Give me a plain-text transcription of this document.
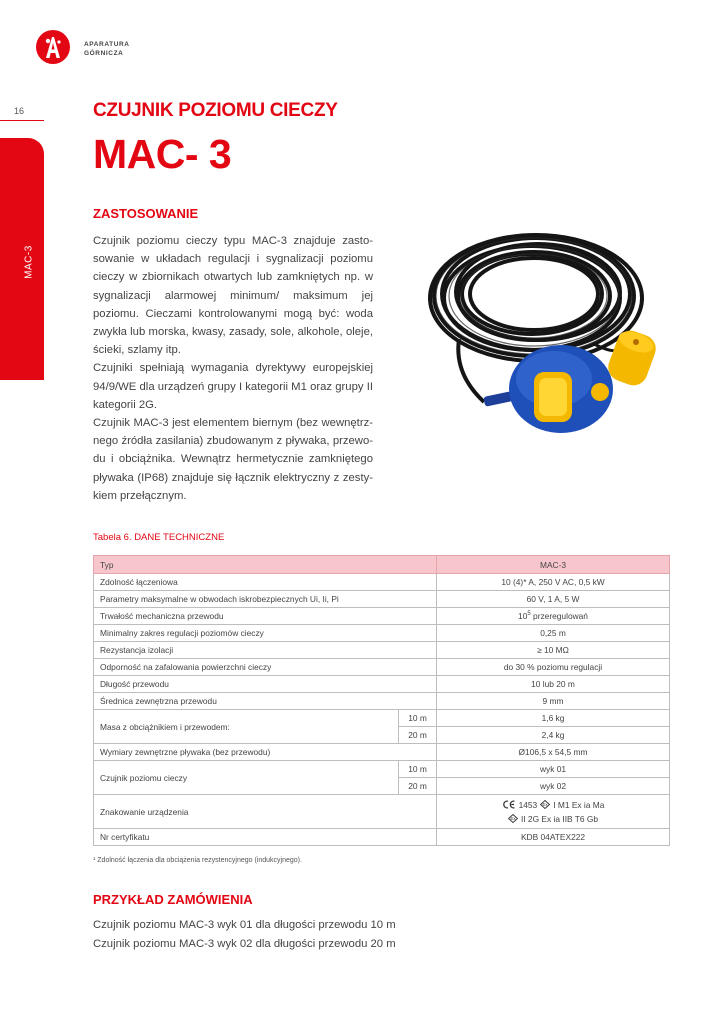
APARATURA
GÓRNICZA
16
MAC-3
CZUJNIK POZIOMU CIECZY
MAC- 3
ZASTOSOWANIE

Czujnik poziomu cieczy typu MAC-3 znajduje zasto-sowanie w układach regulacji i sygnalizacji poziomu cieczy w zbiornikach otwartych lub zamkniętych np. w sygnalizacji alarmowej minimum/ maksimum jej poziomu. Cieczami kontrolowanymi mogą być: woda zwykła lub morska, kwasy, zasady, sole, alkohole, oleje, ścieki, szlamy itp.

Czujniki spełniają wymagania dyrektywy europejskiej 94/9/WE dla urządzeń grupy I kategorii M1 oraz grupy II kategorii 2G.

Czujnik MAC-3 jest elementem biernym (bez wewnętrz-nego źródła zasilania) zbudowanym z pływaka, przewo-du i obciążnika. Wewnątrz hermetycznie zamkniętego pływaka (IP68) znajduje się łącznik elektryczny z zesty-kiem przełącznym.

Tabela 6. DANE TECHNICZNE
Typ		MAC-3
Zdolność łączeniowa		10 (4)* A, 250 V AC, 0,5 kW
Parametry maksymalne w obwodach iskrobezpiecznych Ui, Ii, Pi		60 V, 1 A, 5 W
Trwałość mechaniczna przewodu		$10^5$ przeregulowań
Minimalny zakres regulacji poziomów cieczy		0,25 m
Rezystancja izolacji		≥ 10 MΩ
Odporność na zafalowania powierzchni cieczy		do 30 % poziomu regulacji
Długość przewodu		10 lub 20 m
Średnica zewnętrzna przewodu		9 mm
Masa z obciążnikiem i przewodem:	10 m	1,6 kg
	20 m	2,4 kg
Wymiary zewnętrzne pływaka (bez przewodu)		Ø106,5 x 54,5 mm
Czujnik poziomu cieczy	10 m	wyk 01
	20 m	wyk 02
Znakowanie urządzenia		1453 Ex I M1 Ex ia Ma
Ex II 2G Ex ia IIB T6 Gb

Nr certyfikatu		KDB 04ATEX222
¹ Zdolność łączenia dla obciążenia rezystencyjnego (indukcyjnego).
PRZYKŁAD ZAMÓWIENIA
Czujnik poziomu MAC-3 wyk 01 dla długości przewodu 10 m
Czujnik poziomu MAC-3 wyk 02 dla długości przewodu 20 m
